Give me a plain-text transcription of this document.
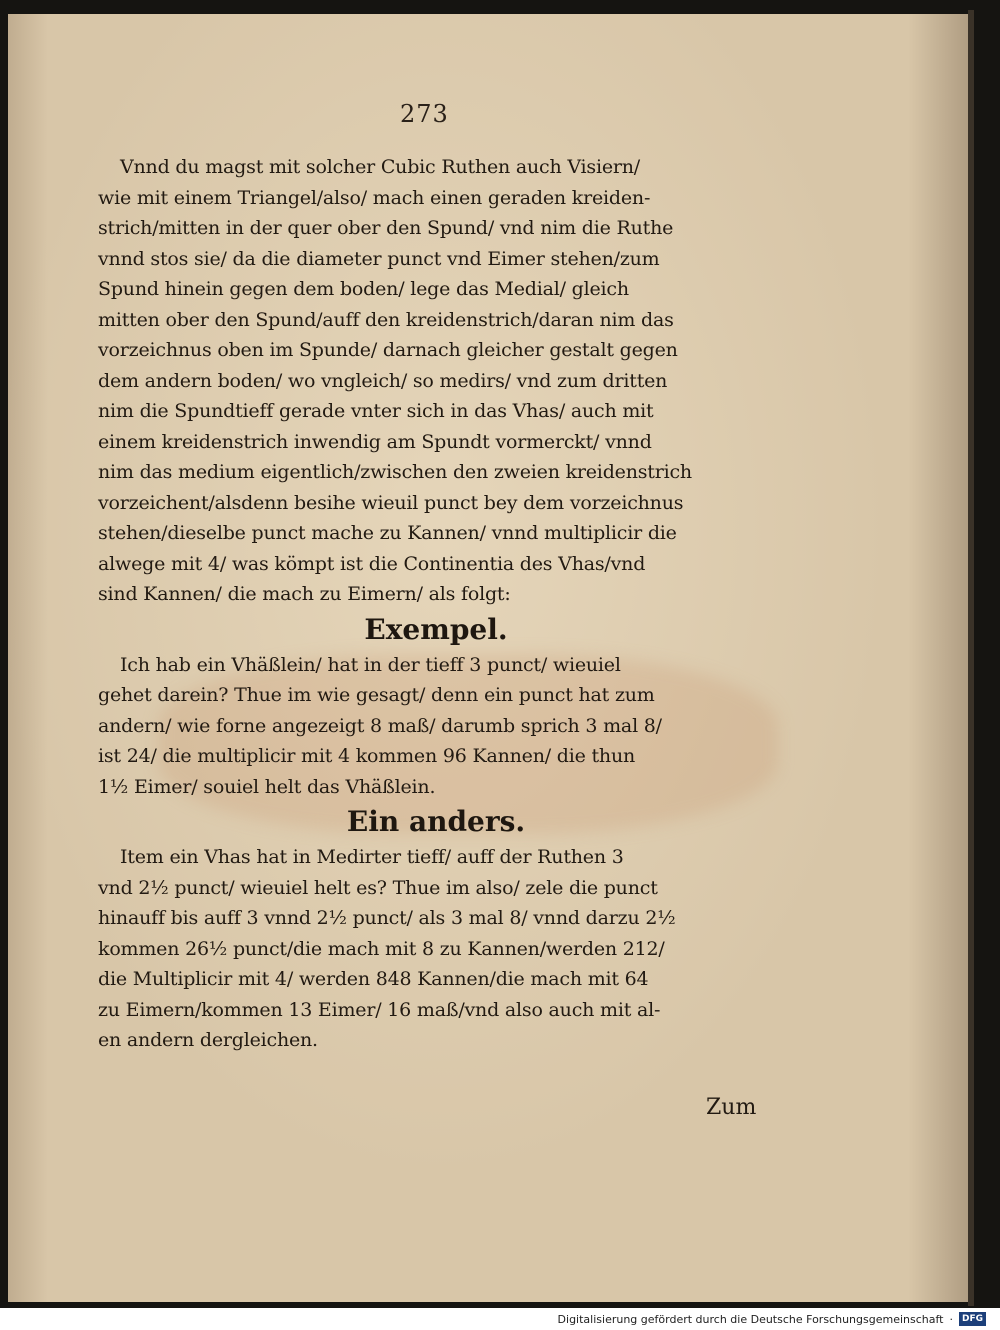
273
Vnnd du magst mit solcher Cubic Ruthen auch Visiern/
wie mit einem Triangel/also/ mach einen geraden kreiden-
strich/mitten in der quer ober den Spund/ vnd nim die Ruthe
vnnd stos sie/ da die diameter punct vnd Eimer stehen/zum
Spund hinein gegen dem boden/ lege das Medial/ gleich
mitten ober den Spund/auff den kreidenstrich/daran nim das
vorzeichnus oben im Spunde/ darnach gleicher gestalt gegen
dem andern boden/ wo vngleich/ so medirs/ vnd zum dritten
nim die Spundtieff gerade vnter sich in das Vhas/ auch mit
einem kreidenstrich inwendig am Spundt vormerckt/ vnnd
nim das medium eigentlich/zwischen den zweien kreidenstrich
vorzeichent/alsdenn besihe wieuil punct bey dem vorzeichnus
stehen/dieselbe punct mache zu Kannen/ vnnd multiplicir die
alwege mit 4/ was kömpt ist die Continentia des Vhas/vnd
sind Kannen/ die mach zu Eimern/ als folgt:
Exempel.
Ich hab ein Vhäßlein/ hat in der tieff 3 punct/ wieuiel
gehet darein? Thue im wie gesagt/ denn ein punct hat zum
andern/ wie forne angezeigt 8 maß/ darumb sprich 3 mal 8/
ist 24/ die multiplicir mit 4 kommen 96 Kannen/ die thun
1½ Eimer/ souiel helt das Vhäßlein.
Ein anders.
Item ein Vhas hat in Medirter tieff/ auff der Ruthen 3
vnd 2½ punct/ wieuiel helt es? Thue im also/ zele die punct
hinauff bis auff 3 vnnd 2½ punct/ als 3 mal 8/ vnnd darzu 2½
kommen 26½ punct/die mach mit 8 zu Kannen/werden 212/
die Multiplicir mit 4/ werden 848 Kannen/die mach mit 64
zu Eimern/kommen 13 Eimer/ 16 maß/vnd also auch mit al-
en andern dergleichen.
Zum
Digitalisierung gefördert durch die Deutsche Forschungsgemeinschaft ·	DFG
